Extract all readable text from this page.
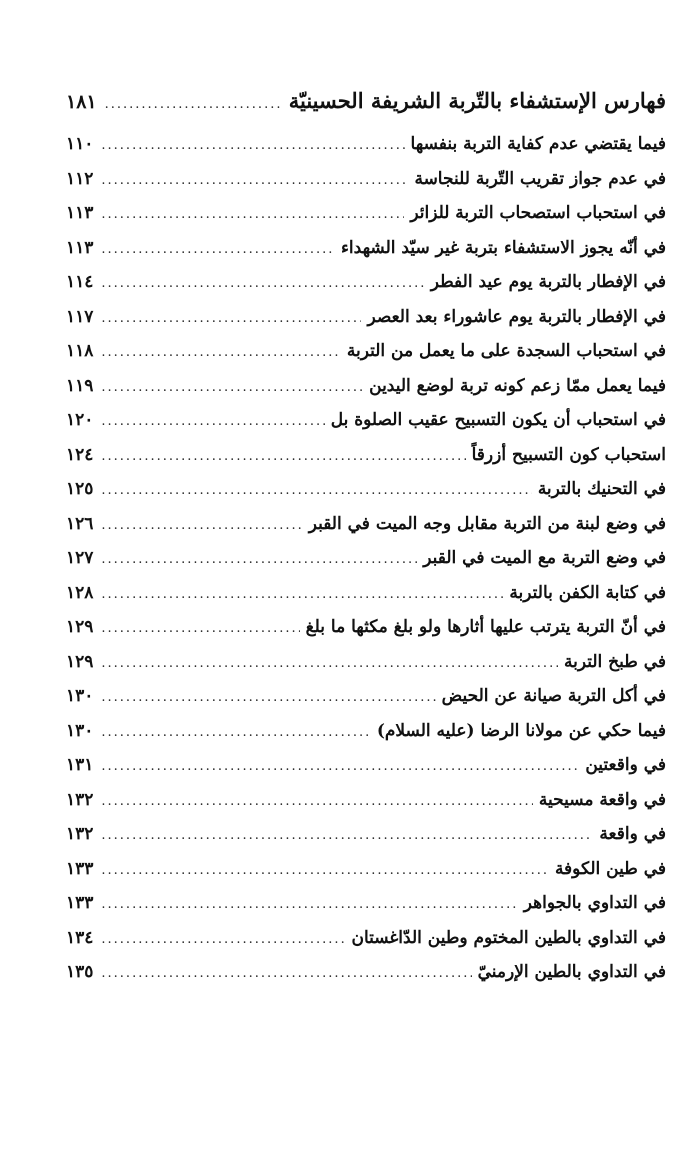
فهارس الإستشفاء بالتّربة الشريفة الحسينيّة
.....
١٨١
فيما يقتضي عدم كفاية التربة بنفسها
.....
١١٠
في عدم جواز تقريب التّربة للنجاسة
.....
١١٢
في استحباب استصحاب التربة للزائر
.....
١١٣
في أنّه يجوز الاستشفاء بتربة غير سيّد الشهداء
.....
١١٣
في الإفطار بالتربة يوم عيد الفطر
.....
١١٤
في الإفطار بالتربة يوم عاشوراء بعد العصر
.....
١١٧
في استحباب السجدة على ما يعمل من التربة
.....
١١٨
فيما يعمل ممّا زعم كونه تربة لوضع اليدين
.....
١١٩
في استحباب أن يكون التسبيح عقيب الصلوة بل
.....
١٢٠
استحباب كون التسبيح أزرقاً
.....
١٢٤
في التحنيك بالتربة
.....
١٢٥
في وضع لبنة من التربة مقابل وجه الميت في القبر
.....
١٢٦
في وضع التربة مع الميت في القبر
.....
١٢٧
في كتابة الكفن بالتربة
.....
١٢٨
في أنّ التربة يترتب عليها أثارها ولو بلغ مكثها ما بلغ
.....
١٢٩
في طبخ التربة
.....
١٢٩
في أكل التربة صيانة عن الحيض
.....
١٣٠
فيما حكي عن مولانا الرضا (عليه السلام)
.....
١٣٠
في واقعتين
.....
١٣١
في واقعة مسيحية
.....
١٣٢
في واقعة
.....
١٣٢
في طين الكوفة
.....
١٣٣
في التداوي بالجواهر
.....
١٣٣
في التداوي بالطين المختوم وطين الدّاغستان
.....
١٣٤
في التداوي بالطين الإرمنيّ
.....
١٣٥
